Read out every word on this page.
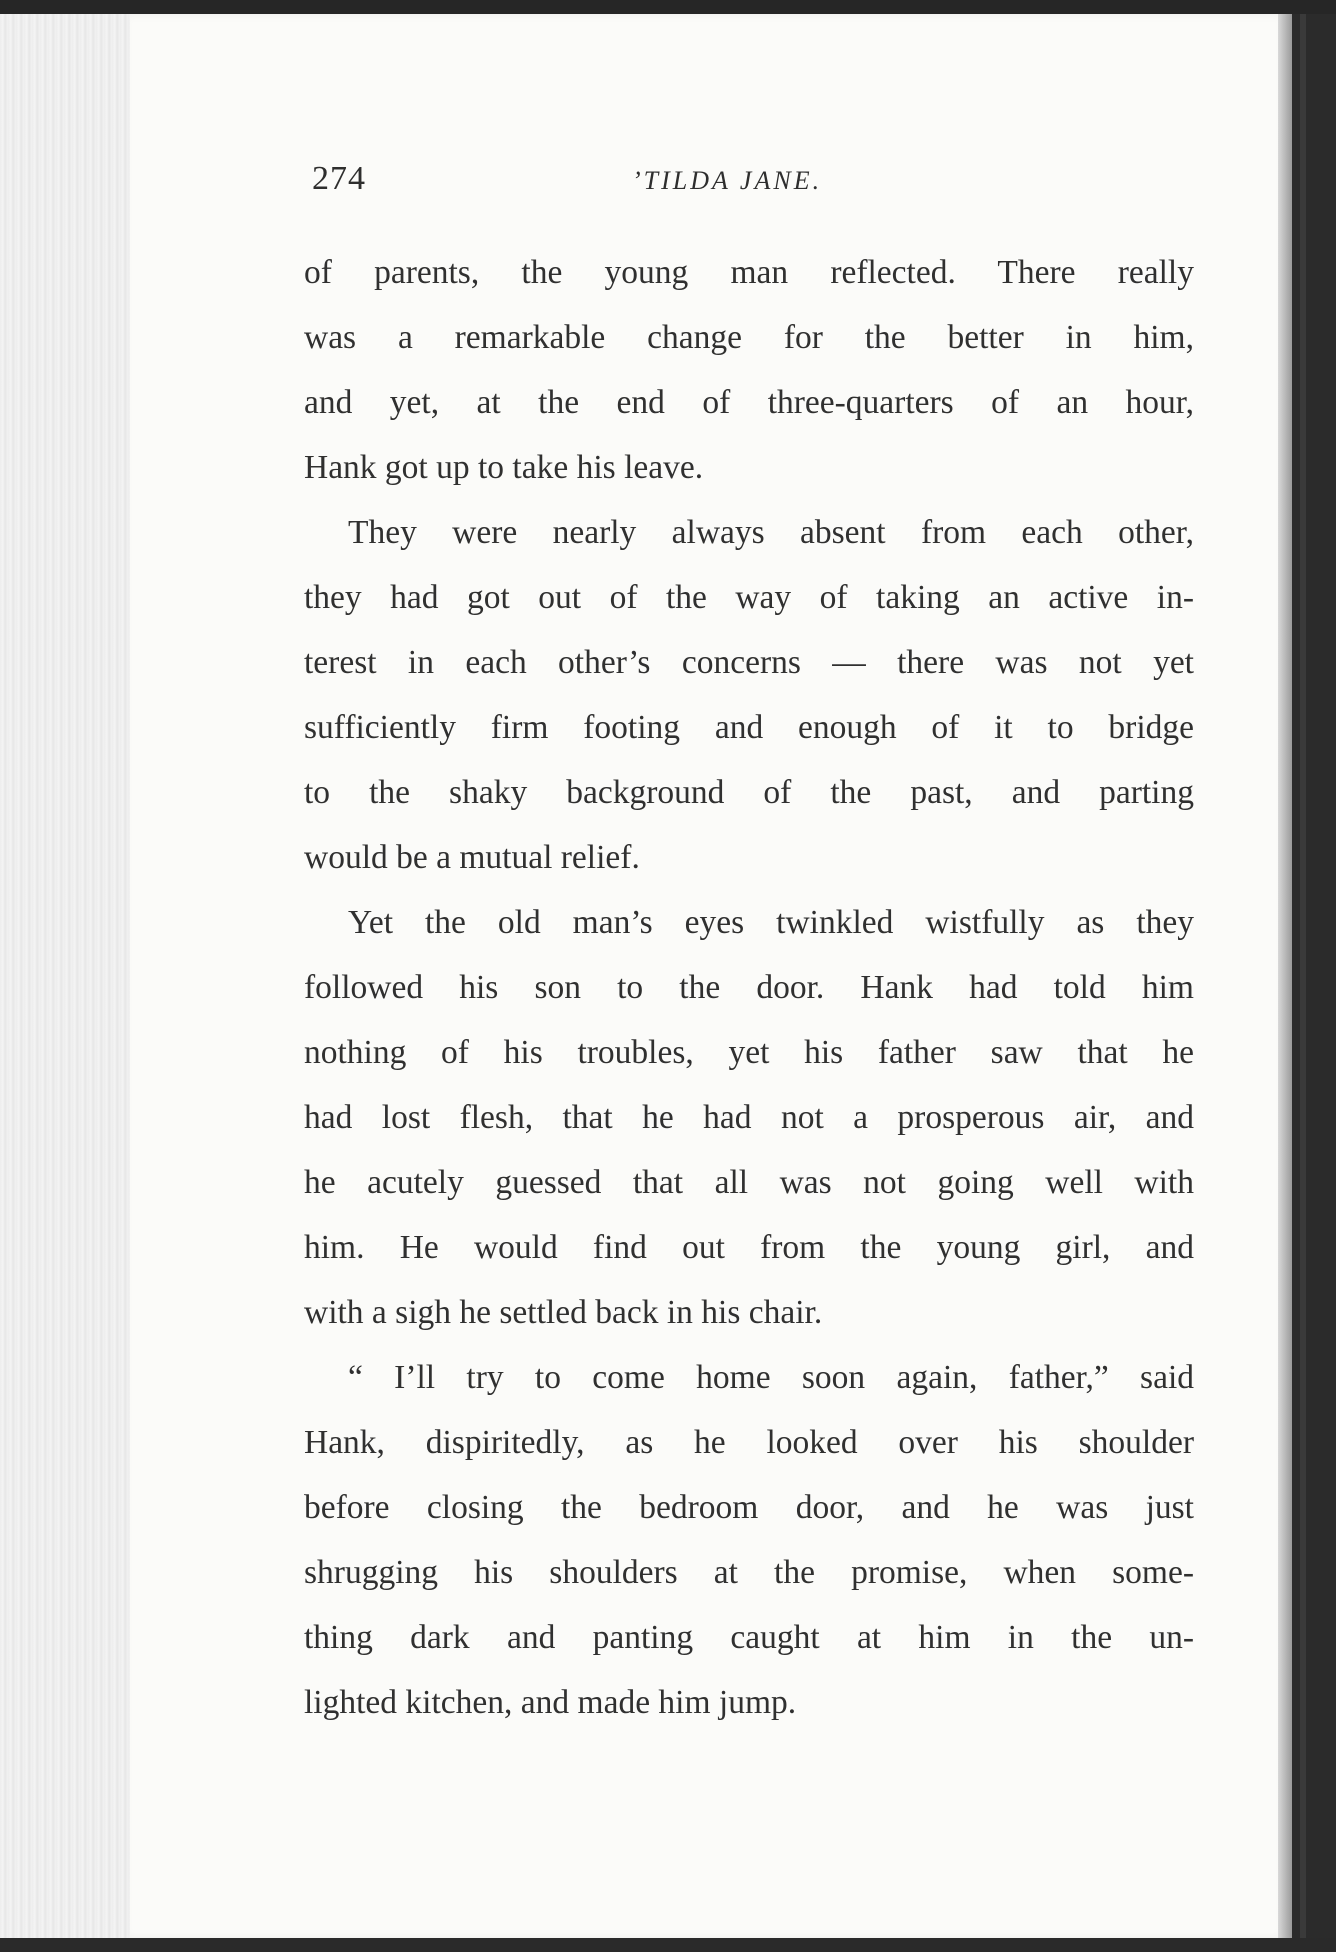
274	’TILDA JANE.

of parents, the young man reflected. There really
was a remarkable change for the better in him,
and yet, at the end of three-quarters of an hour,
Hank got up to take his leave.

They were nearly always absent from each other,
they had got out of the way of taking an active in-
terest in each other’s concerns — there was not yet
sufficiently firm footing and enough of it to bridge
to the shaky background of the past, and parting
would be a mutual relief.

Yet the old man’s eyes twinkled wistfully as they
followed his son to the door. Hank had told him
nothing of his troubles, yet his father saw that he
had lost flesh, that he had not a prosperous air, and
he acutely guessed that all was not going well with
him. He would find out from the young girl, and
with a sigh he settled back in his chair.

“ I’ll try to come home soon again, father,” said
Hank, dispiritedly, as he looked over his shoulder
before closing the bedroom door, and he was just
shrugging his shoulders at the promise, when some-
thing dark and panting caught at him in the un-
lighted kitchen, and made him jump.
